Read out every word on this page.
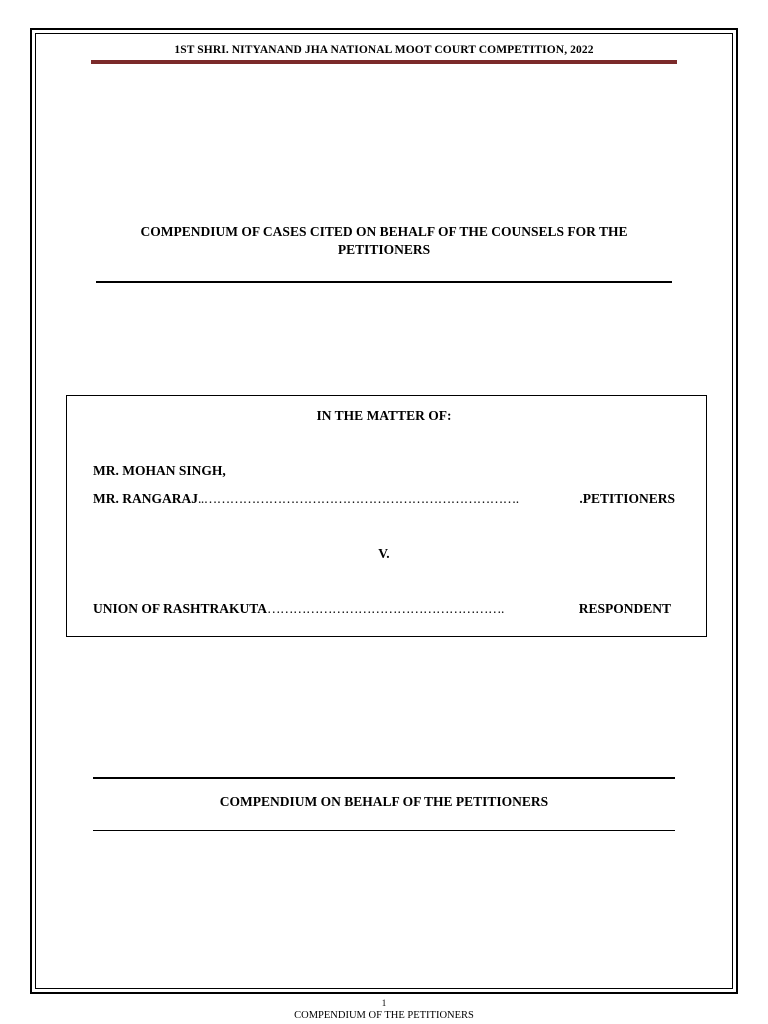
1ST SHRI. NITYANAND JHA NATIONAL MOOT COURT COMPETITION, 2022
COMPENDIUM OF CASES CITED ON BEHALF OF THE COUNSELS FOR THE
PETITIONERS
IN THE MATTER OF:
MR. MOHAN SINGH,
MR. RANGARAJ ..……………………………………………………………….	.PETITIONERS
V.
UNION OF RASHTRAKUTA ……………………………………………….	RESPONDENT
COMPENDIUM ON BEHALF OF THE PETITIONERS
1
COMPENDIUM OF THE PETITIONERS
